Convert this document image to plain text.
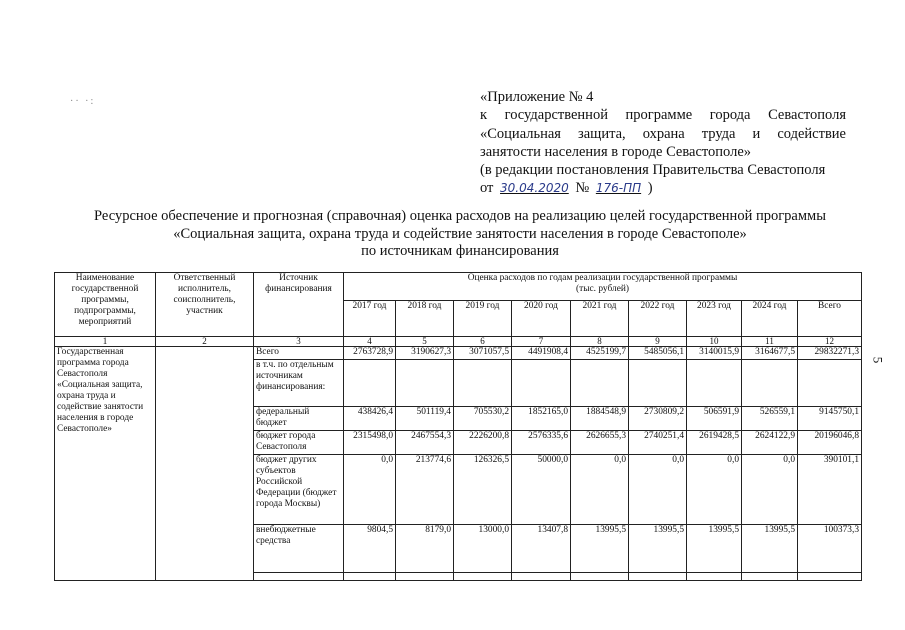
·· ·:	«Приложение № 4
к государственной программе города Севастополя
«Социальная защита, охрана труда и содействие
занятости населения в городе Севастополе»
(в редакции постановления Правительства Севастополя
от 30.04.2020 № 176-ПП )
5
Ресурсное обеспечение и прогнозная (справочная) оценка расходов на реализацию целей государственной программы
«Социальная защита, охрана труда и содействие занятости населения в городе Севастополе»
по источникам финансирования
Наименование государственной программы, подпрограммы, мероприятий	Ответственный исполнитель, соисполнитель, участник	Источник финансирования	Оценка расходов по годам реализации государственной программы
(тыс. рублей)								

			2017 год	2018 год	2019 год	2020 год	2021 год	2022 год	2023 год	2024 год	Всего
1	2	3	4	5	6	7	8	9	10	11	12
Государственная программа города Севастополя «Социальная защита, охрана труда и содействие занятости населения в городе Севастополе»		Всего	2763728,9	3190627,3	3071057,5	4491908,4	4525199,7	5485056,1	3140015,9	3164677,5	29832271,3
		в т.ч. по отдельным источникам финансирования:									
		федеральный бюджет	438426,4	501119,4	705530,2	1852165,0	1884548,9	2730809,2	506591,9	526559,1	9145750,1
		бюджет города Севастополя	2315498,0	2467554,3	2226200,8	2576335,6	2626655,3	2740251,4	2619428,5	2624122,9	20196046,8
		бюджет других субъектов Российской Федерации (бюджет города Москвы)	0,0	213774,6	126326,5	50000,0	0,0	0,0	0,0	0,0	390101,1
		внебюджетные средства	9804,5	8179,0	13000,0	13407,8	13995,5	13995,5	13995,5	13995,5	100373,3
